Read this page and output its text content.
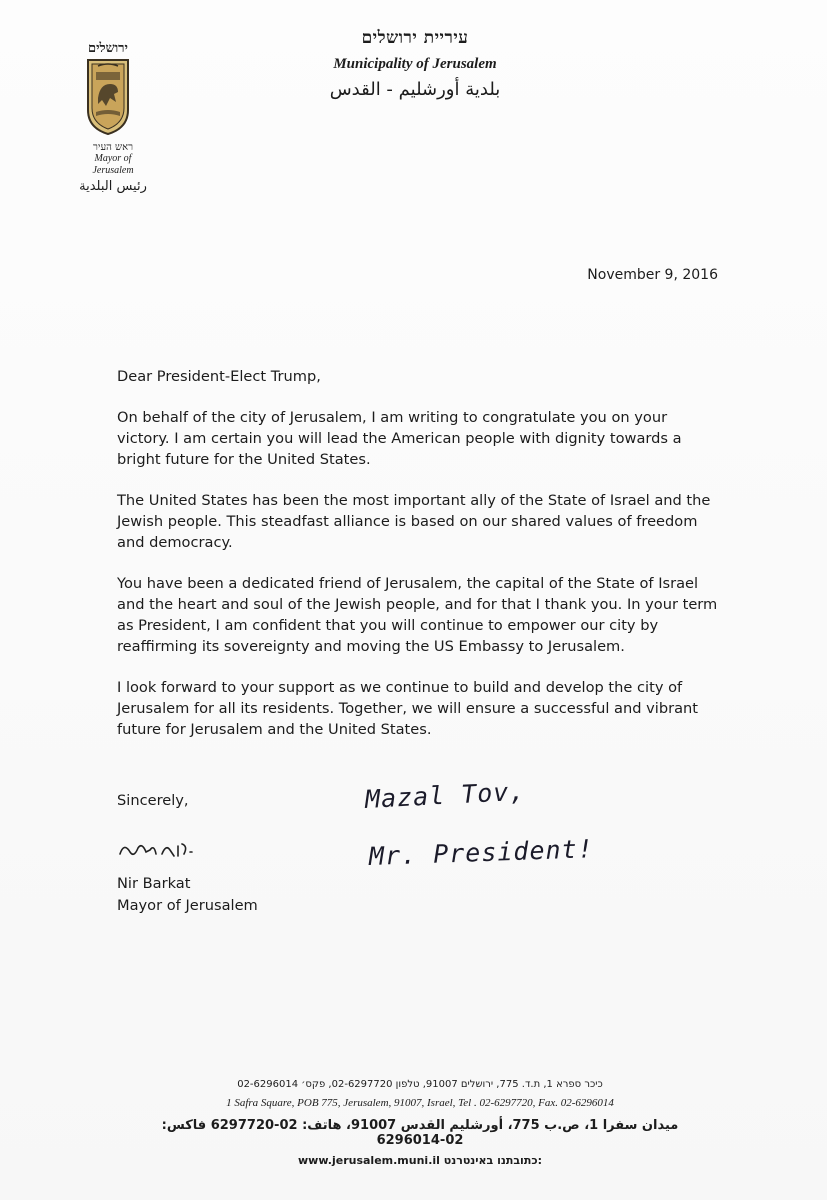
ירושלים
ראש העיר
Mayor of
Jerusalem
رئيس البلدية
עיריית ירושלים
Municipality of Jerusalem
بلدية أورشليم - القدس
November 9, 2016

Dear President-Elect Trump,

On behalf of the city of Jerusalem, I am writing to congratulate you on your victory. I am certain you will lead the American people with dignity towards a bright future for the United States.

The United States has been the most important ally of the State of Israel and the Jewish people. This steadfast alliance is based on our shared values of freedom and democracy.

You have been a dedicated friend of Jerusalem, the capital of the State of Israel and the heart and soul of the Jewish people, and for that I thank you. In your term as President, I am confident that you will continue to empower our city by reaffirming its sovereignty and moving the US Embassy to Jerusalem.

I look forward to your support as we continue to build and develop the city of Jerusalem for all its residents. Together, we will ensure a successful and vibrant future for Jerusalem and the United States.

Sincerely,
Nir Barkat
Mayor of Jerusalem
Mazal Tov,
Mr. President!
כיכר ספרא 1, ת.ד. 775, ירושלים 91007, טלפון 02-6297720, פקס׳ 02-6296014
1 Safra Square, POB 775, Jerusalem, 91007, Israel, Tel . 02-6297720, Fax. 02-6296014
ميدان سفرا 1، ص.ب 775، أورشليم القدس 91007، هاتف: 02-6297720 فاكس: 02-6296014
www.jerusalem.muni.il כתובתנו באינטרנט:
